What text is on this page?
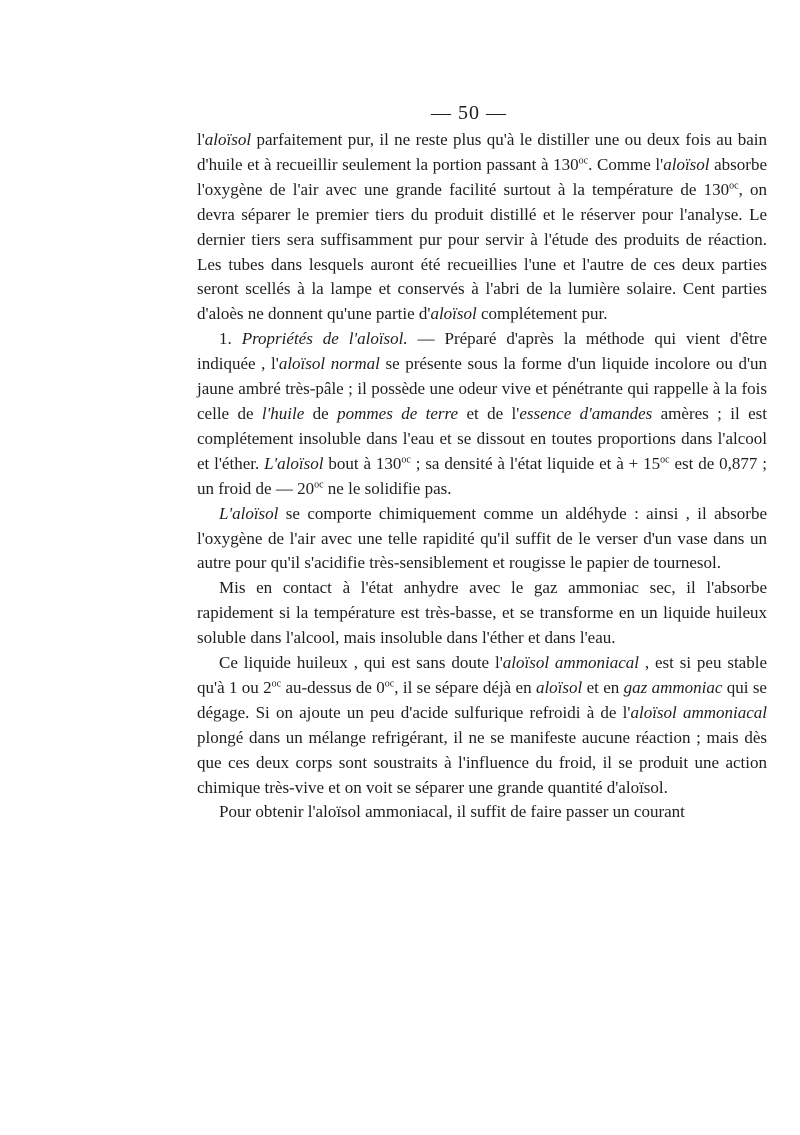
— 50 —

l'aloïsol parfaitement pur, il ne reste plus qu'à le distiller une ou deux fois au bain d'huile et à recueillir seulement la portion passant à $130^{oc}$. Comme l'aloïsol absorbe l'oxygène de l'air avec une grande facilité surtout à la température de $130^{oc}$, on devra séparer le premier tiers du produit distillé et le réserver pour l'analyse. Le dernier tiers sera suffisamment pur pour servir à l'étude des produits de réaction. Les tubes dans lesquels auront été recueillies l'une et l'autre de ces deux parties seront scellés à la lampe et conservés à l'abri de la lumière solaire. Cent parties d'aloès ne donnent qu'une partie d'aloïsol complétement pur.

1. Propriétés de l'aloïsol. — Préparé d'après la méthode qui vient d'être indiquée , l'aloïsol normal se présente sous la forme d'un liquide incolore ou d'un jaune ambré très-pâle ; il possède une odeur vive et pénétrante qui rappelle à la fois celle de l'huile de pommes de terre et de l'essence d'amandes amères ; il est complétement insoluble dans l'eau et se dissout en toutes proportions dans l'alcool et l'éther. L'aloïsol bout à $130^{oc}$ ; sa densité à l'état liquide et à + $15^{oc}$ est de 0,877 ; un froid de — $20^{oc}$ ne le solidifie pas.

L'aloïsol se comporte chimiquement comme un aldéhyde : ainsi , il absorbe l'oxygène de l'air avec une telle rapidité qu'il suffit de le verser d'un vase dans un autre pour qu'il s'acidifie très-sensiblement et rougisse le papier de tournesol.

Mis en contact à l'état anhydre avec le gaz ammoniac sec, il l'absorbe rapidement si la température est très-basse, et se transforme en un liquide huileux soluble dans l'alcool, mais insoluble dans l'éther et dans l'eau.

Ce liquide huileux , qui est sans doute l'aloïsol ammoniacal , est si peu stable qu'à 1 ou $2^{oc}$ au-dessus de $0^{oc}$, il se sépare déjà en aloïsol et en gaz ammoniac qui se dégage. Si on ajoute un peu d'acide sulfurique refroidi à de l'aloïsol ammoniacal plongé dans un mélange refrigérant, il ne se manifeste aucune réaction ; mais dès que ces deux corps sont soustraits à l'influence du froid, il se produit une action chimique très-vive et on voit se séparer une grande quantité d'aloïsol.

Pour obtenir l'aloïsol ammoniacal, il suffit de faire passer un courant
